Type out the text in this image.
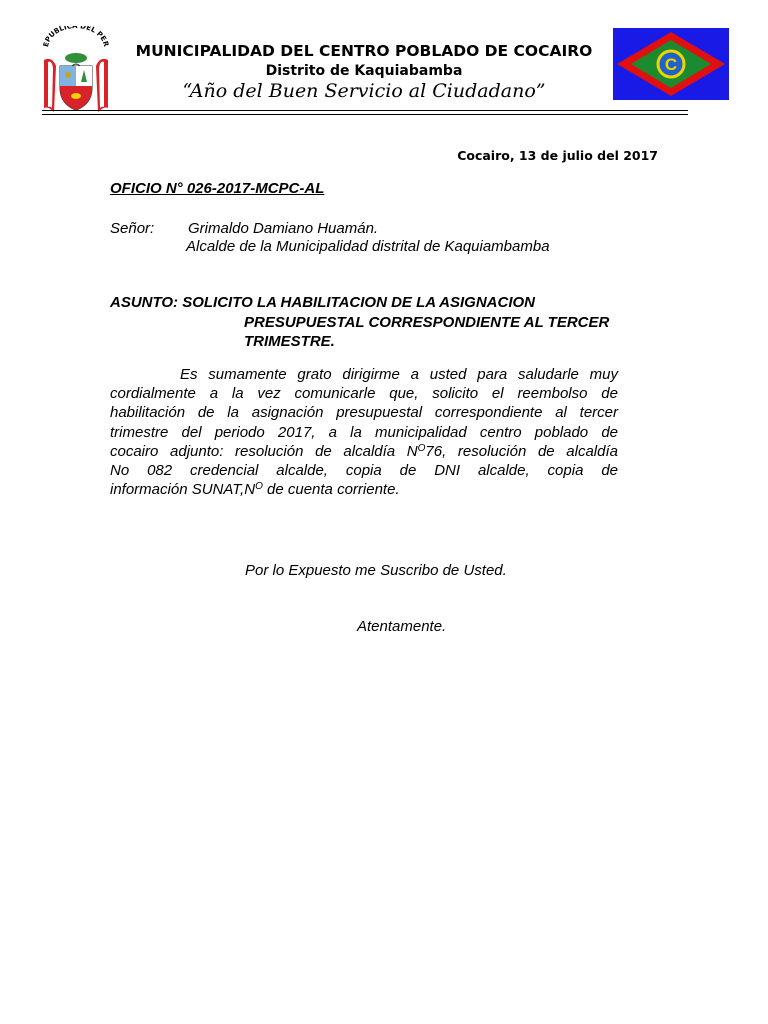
EPUBLICA DEL PER
C
MUNICIPALIDAD DEL CENTRO POBLADO DE COCAIRO
Distrito de Kaquiabamba
“Año del Buen Servicio al Ciudadano”
Cocairo, 13 de julio del 2017
OFICIO N° 026-2017-MCPC-AL
Señor: Grimaldo Damiano Huamán.
Alcalde de la Municipalidad distrital de Kaquiambamba
ASUNTO: SOLICITO LA HABILITACION DE LA ASIGNACION
PRESUPUESTAL CORRESPONDIENTE AL TERCER
TRIMESTRE.
Es sumamente grato dirigirme a usted para saludarle muy
cordialmente a la vez comunicarle que, solicito el reembolso de
habilitación de la asignación presupuestal correspondiente al tercer
trimestre del periodo 2017, a la municipalidad centro poblado de
cocairo adjunto: resolución de alcaldía $N^O76$, resolución de alcaldía
No 082 credencial alcalde, copia de DNI alcalde, copia de
información $SUNAT,N^O$ de cuenta corriente.
Por lo Expuesto me Suscribo de Usted.
Atentamente.
